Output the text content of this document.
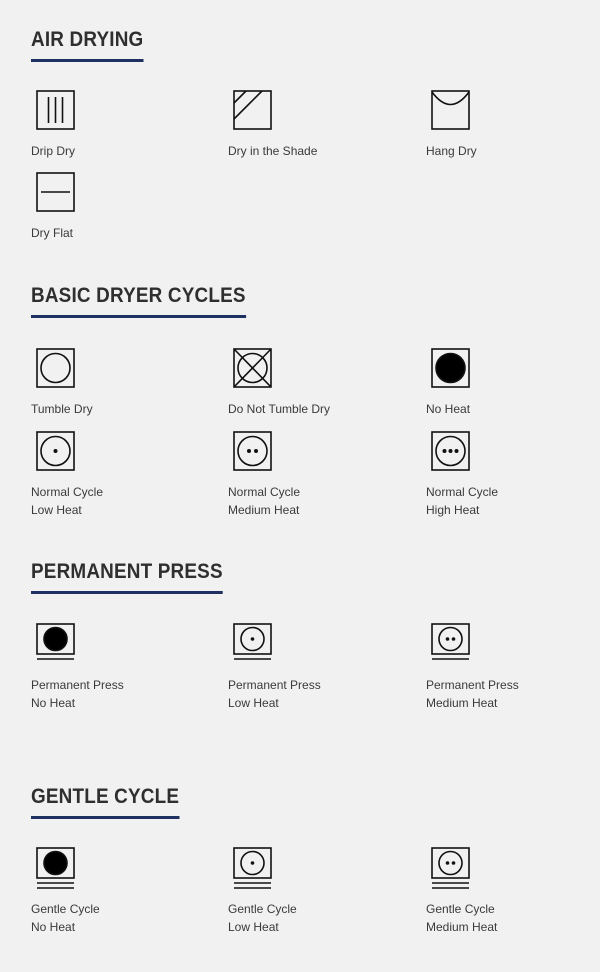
AIR DRYING
Drip Dry	Dry in the Shade	Hang Dry
Dry Flat
BASIC DRYER CYCLES
Tumble Dry	Do Not Tumble Dry	No Heat
Normal Cycle
Low Heat
Normal Cycle
Medium Heat
Normal Cycle
High Heat
PERMANENT PRESS
Permanent Press
No Heat
Permanent Press
Low Heat
Permanent Press
Medium Heat
GENTLE CYCLE
Gentle Cycle
No Heat
Gentle Cycle
Low Heat
Gentle Cycle
Medium Heat
